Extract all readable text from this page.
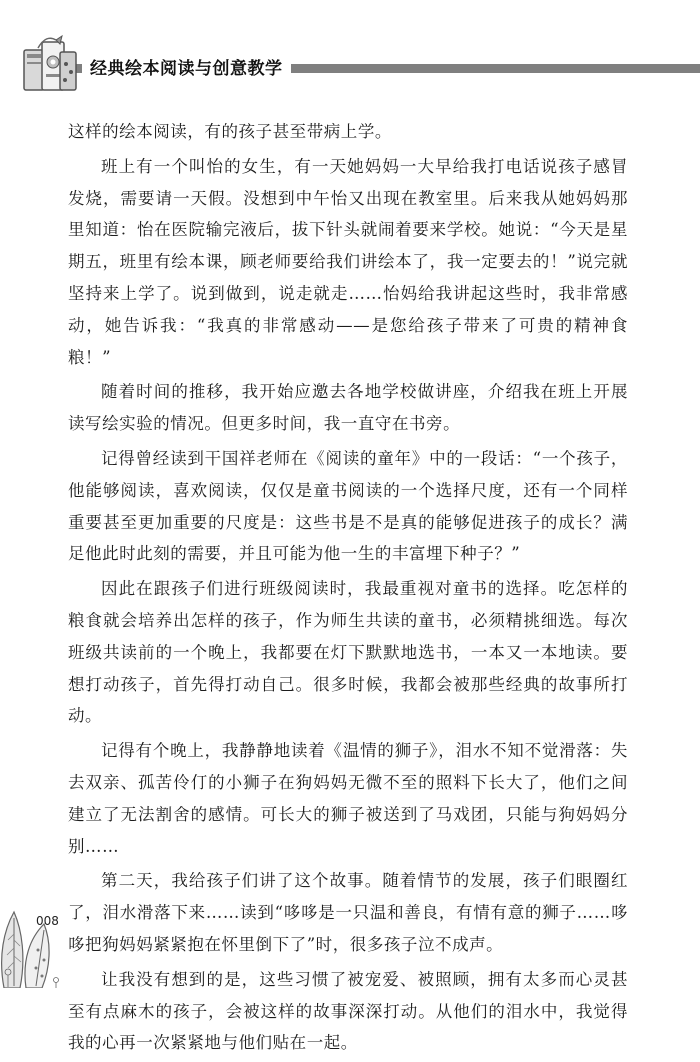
经典绘本阅读与创意教学

这样的绘本阅读，有的孩子甚至带病上学。

班上有一个叫怡的女生，有一天她妈妈一大早给我打电话说孩子感冒发烧，需要请一天假。没想到中午怡又出现在教室里。后来我从她妈妈那里知道：怡在医院输完液后，拔下针头就闹着要来学校。她说：“今天是星期五，班里有绘本课，顾老师要给我们讲绘本了，我一定要去的！”说完就坚持来上学了。说到做到，说走就走……怡妈给我讲起这些时，我非常感动，她告诉我：“我真的非常感动——是您给孩子带来了可贵的精神食粮！”

随着时间的推移，我开始应邀去各地学校做讲座，介绍我在班上开展读写绘实验的情况。但更多时间，我一直守在书旁。

记得曾经读到干国祥老师在《阅读的童年》中的一段话：“一个孩子，他能够阅读，喜欢阅读，仅仅是童书阅读的一个选择尺度，还有一个同样重要甚至更加重要的尺度是：这些书是不是真的能够促进孩子的成长？满足他此时此刻的需要，并且可能为他一生的丰富埋下种子？”

因此在跟孩子们进行班级阅读时，我最重视对童书的选择。吃怎样的粮食就会培养出怎样的孩子，作为师生共读的童书，必须精挑细选。每次班级共读前的一个晚上，我都要在灯下默默地选书，一本又一本地读。要想打动孩子，首先得打动自己。很多时候，我都会被那些经典的故事所打动。

记得有个晚上，我静静地读着《温情的狮子》，泪水不知不觉滑落：失去双亲、孤苦伶仃的小狮子在狗妈妈无微不至的照料下长大了，他们之间建立了无法割舍的感情。可长大的狮子被送到了马戏团，只能与狗妈妈分别……

第二天，我给孩子们讲了这个故事。随着情节的发展，孩子们眼圈红了，泪水滑落下来……读到“哆哆是一只温和善良，有情有意的狮子……哆哆把狗妈妈紧紧抱在怀里倒下了”时，很多孩子泣不成声。

让我没有想到的是，这些习惯了被宠爱、被照顾，拥有太多而心灵甚至有点麻木的孩子，会被这样的故事深深打动。从他们的泪水中，我觉得我的心再一次紧紧地与他们贴在一起。

008
